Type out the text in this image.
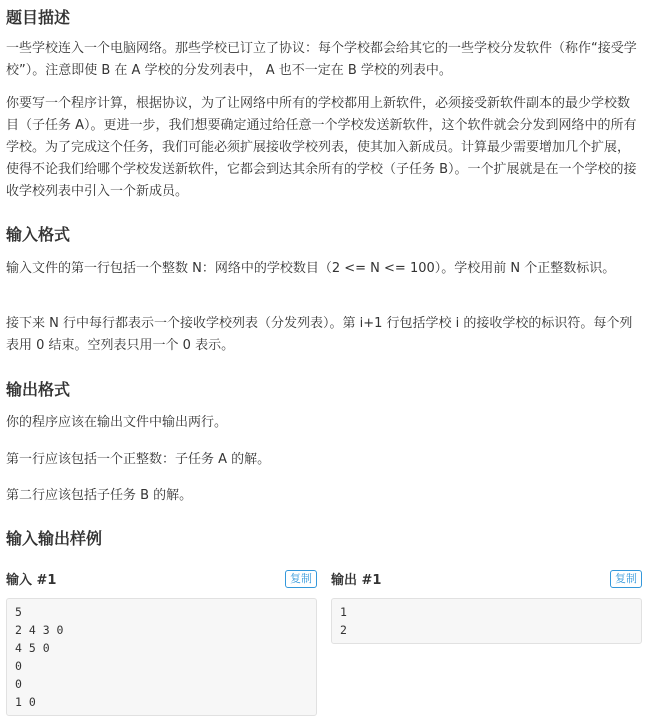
题目描述

一些学校连入一个电脑网络。那些学校已订立了协议：每个学校都会给其它的一些学校分发软件（称作“接受学校”）。注意即使 B 在 A 学校的分发列表中， A 也不一定在 B 学校的列表中。

你要写一个程序计算，根据协议，为了让网络中所有的学校都用上新软件，必须接受新软件副本的最少学校数目（子任务 A）。更进一步，我们想要确定通过给任意一个学校发送新软件，这个软件就会分发到网络中的所有学校。为了完成这个任务，我们可能必须扩展接收学校列表，使其加入新成员。计算最少需要增加几个扩展，使得不论我们给哪个学校发送新软件，它都会到达其余所有的学校（子任务 B）。一个扩展就是在一个学校的接收学校列表中引入一个新成员。

输入格式

输入文件的第一行包括一个整数 N：网络中的学校数目（2 <= N <= 100）。学校用前 N 个正整数标识。

接下来 N 行中每行都表示一个接收学校列表（分发列表）。第 i+1 行包括学校 i 的接收学校的标识符。每个列表用 0 结束。空列表只用一个 0 表示。

输出格式

你的程序应该在输出文件中输出两行。

第一行应该包括一个正整数：子任务 A 的解。

第二行应该包括子任务 B 的解。

输入输出样例
输入 #1	复制
5
2 4 3 0
4 5 0
0
0
1 0
输出 #1	复制
1
2
